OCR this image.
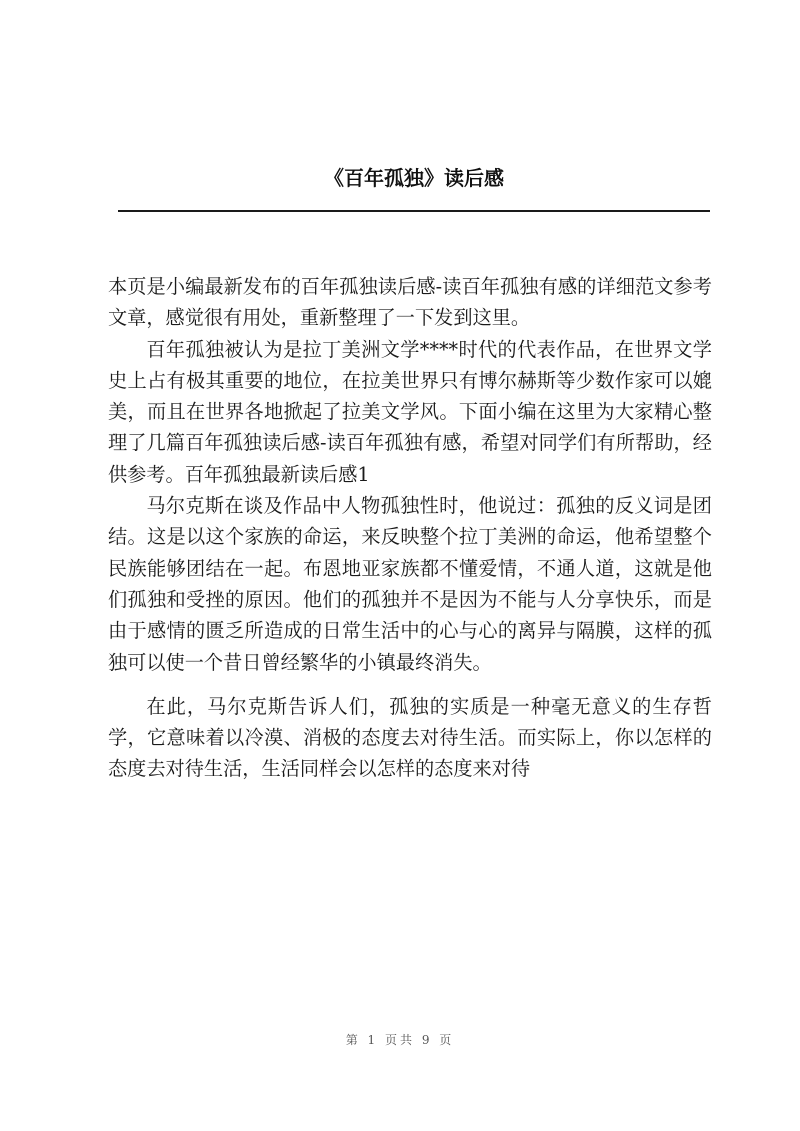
《百年孤独》读后感

本页是小编最新发布的百年孤独读后感-读百年孤独有感的详细范文参考文章，感觉很有用处，重新整理了一下发到这里。

百年孤独被认为是拉丁美洲文学****时代的代表作品，在世界文学史上占有极其重要的地位，在拉美世界只有博尔赫斯等少数作家可以媲美，而且在世界各地掀起了拉美文学风。下面小编在这里为大家精心整理了几篇百年孤独读后感-读百年孤独有感，希望对同学们有所帮助，经供参考。百年孤独最新读后感1

马尔克斯在谈及作品中人物孤独性时，他说过：孤独的反义词是团结。这是以这个家族的命运，来反映整个拉丁美洲的命运，他希望整个民族能够团结在一起。布恩地亚家族都不懂爱情，不通人道，这就是他们孤独和受挫的原因。他们的孤独并不是因为不能与人分享快乐，而是由于感情的匮乏所造成的日常生活中的心与心的离异与隔膜，这样的孤独可以使一个昔日曾经繁华的小镇最终消失。

在此，马尔克斯告诉人们，孤独的实质是一种毫无意义的生存哲学，它意味着以冷漠、消极的态度去对待生活。而实际上，你以怎样的态度去对待生活，生活同样会以怎样的态度来对待

第 1 页共 9 页
